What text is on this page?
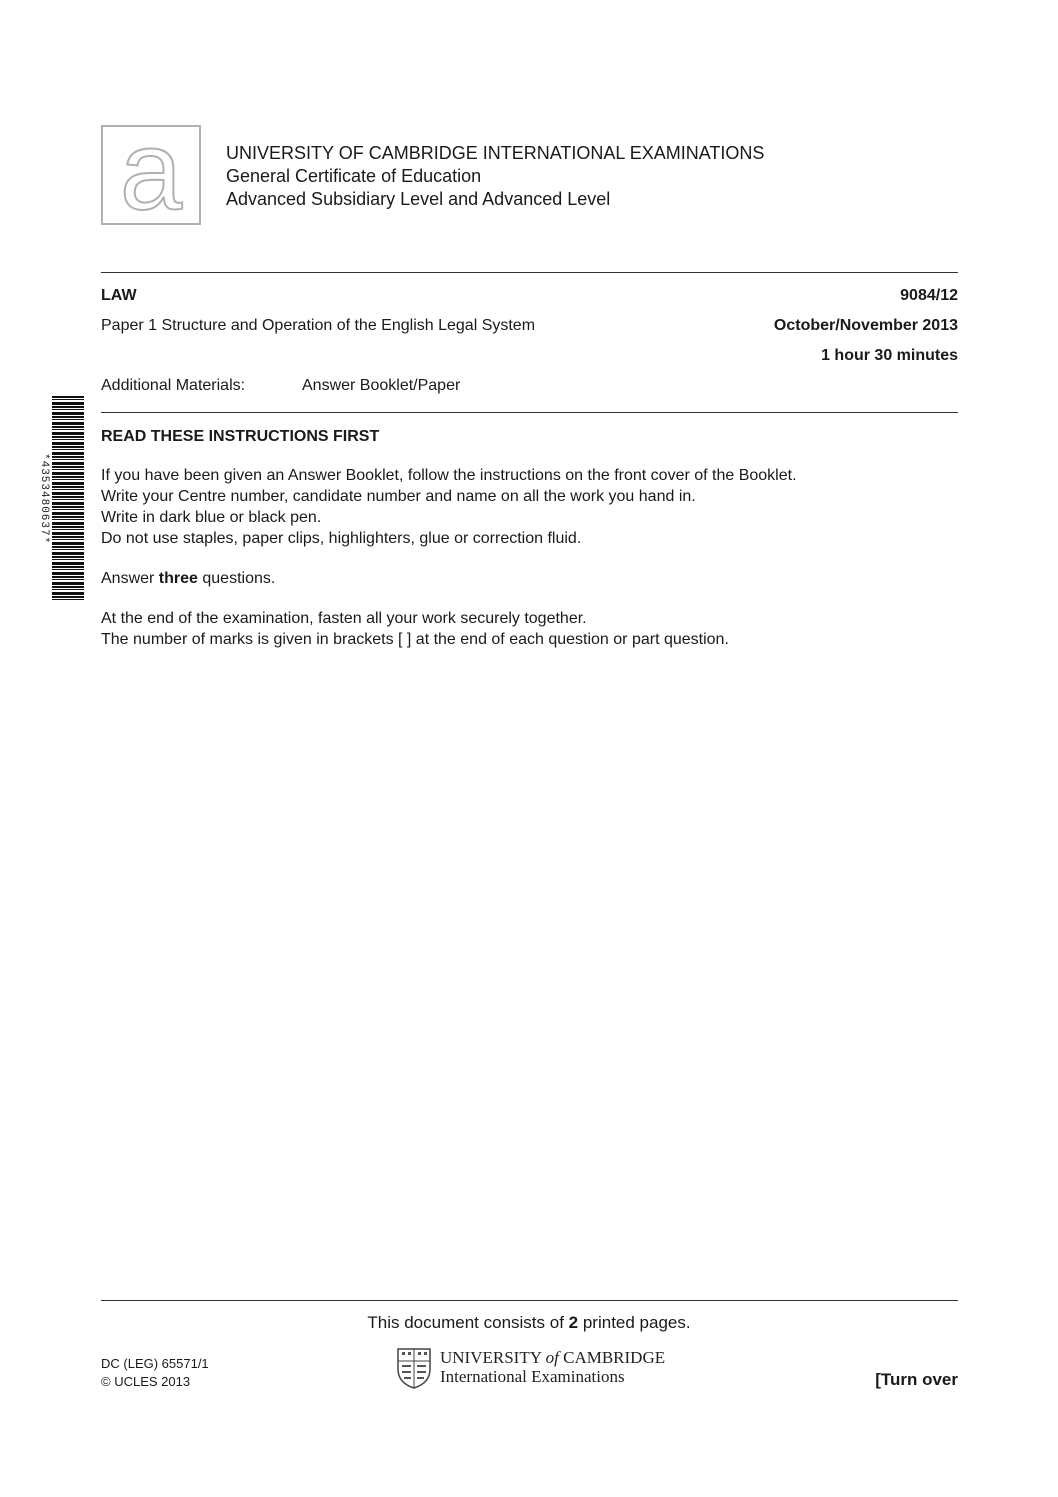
a	UNIVERSITY OF CAMBRIDGE INTERNATIONAL EXAMINATIONS
General Certificate of Education
Advanced Subsidiary Level and Advanced Level
LAW	9084/12
Paper 1 Structure and Operation of the English Legal System	October/November 2013
1 hour 30 minutes
Additional Materials:	Answer Booklet/Paper
*4353480637*
READ THESE INSTRUCTIONS FIRST
If you have been given an Answer Booklet, follow the instructions on the front cover of the Booklet.
Write your Centre number, candidate number and name on all the work you hand in.
Write in dark blue or black pen.
Do not use staples, paper clips, highlighters, glue or correction fluid.
Answer three questions.
At the end of the examination, fasten all your work securely together.
The number of marks is given in brackets [ ] at the end of each question or part question.
This document consists of 2 printed pages.
DC (LEG) 65571/1
© UCLES 2013
UNIVERSITY of CAMBRIDGE
International Examinations	[Turn over
